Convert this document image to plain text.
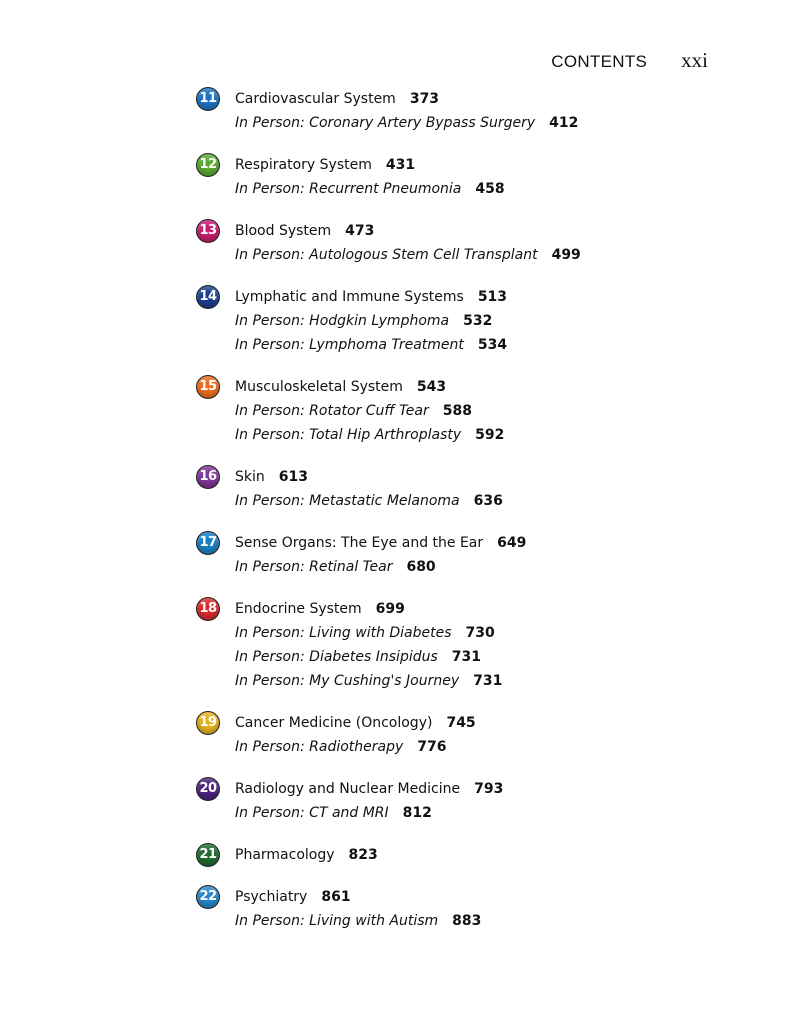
CONTENTS xxi
11 Cardiovascular System 373
In Person: Coronary Artery Bypass Surgery 412
12 Respiratory System 431
In Person: Recurrent Pneumonia 458
13 Blood System 473
In Person: Autologous Stem Cell Transplant 499
14 Lymphatic and Immune Systems 513
In Person: Hodgkin Lymphoma 532
In Person: Lymphoma Treatment 534
15 Musculoskeletal System 543
In Person: Rotator Cuff Tear 588
In Person: Total Hip Arthroplasty 592
16 Skin 613
In Person: Metastatic Melanoma 636
17 Sense Organs: The Eye and the Ear 649
In Person: Retinal Tear 680
18 Endocrine System 699
In Person: Living with Diabetes 730
In Person: Diabetes Insipidus 731
In Person: My Cushing's Journey 731
19 Cancer Medicine (Oncology) 745
In Person: Radiotherapy 776
20 Radiology and Nuclear Medicine 793
In Person: CT and MRI 812
21 Pharmacology 823
22 Psychiatry 861
In Person: Living with Autism 883
